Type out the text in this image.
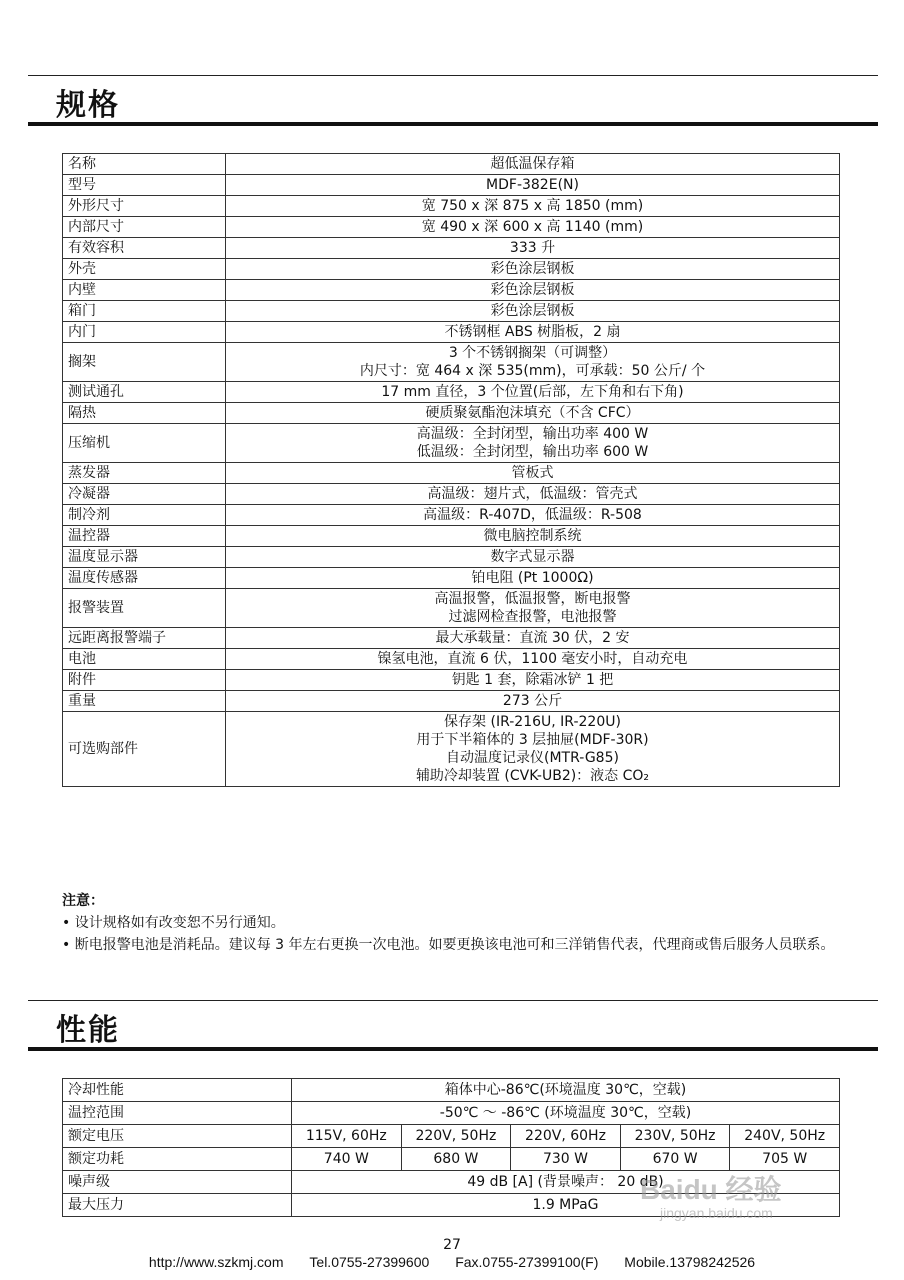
规格
名称	超低温保存箱

型号	MDF-382E(N)

外形尺寸	宽 750 x 深 875 x 高 1850 (mm)

内部尺寸	宽 490 x 深 600 x 高 1140 (mm)

有效容积	333 升

外壳	彩色涂层钢板

内壁	彩色涂层钢板

箱门	彩色涂层钢板

内门	不锈钢框 ABS 树脂板，2 扇

搁架	3 个不锈钢搁架（可调整）
内尺寸：宽 464 x 深 535(mm)，可承载：50 公斤/ 个

测试通孔	17 mm 直径，3 个位置(后部，左下角和右下角)

隔热	硬质聚氨酯泡沫填充（不含 CFC）

压缩机	高温级：全封闭型，输出功率 400 W
低温级：全封闭型，输出功率 600 W

蒸发器	管板式

冷凝器	高温级：翅片式，低温级：管壳式

制冷剂	高温级：R-407D，低温级：R-508

温控器	微电脑控制系统

温度显示器	数字式显示器

温度传感器	铂电阻 (Pt 1000Ω)

报警装置	高温报警，低温报警，断电报警
过滤网检查报警，电池报警

远距离报警端子	最大承载量：直流 30 伏，2 安

电池	镍氢电池，直流 6 伏，1100 毫安小时，自动充电

附件	钥匙 1 套，除霜冰铲 1 把

重量	273 公斤

可选购部件	保存架 (IR-216U, IR-220U)
用于下半箱体的 3 层抽屉(MDF-30R)
自动温度记录仪(MTR-G85)
辅助冷却装置 (CVK-UB2)：液态 CO₂
注意：
• 设计规格如有改变恕不另行通知。
• 断电报警电池是消耗品。建议每 3 年左右更换一次电池。如要更换该电池可和三洋销售代表，代理商或售后服务人员联系。
性能
冷却性能	箱体中心-86℃(环境温度 30℃，空载)				
温控范围	-50℃ ～ -86℃ (环境温度 30℃，空载)				
额定电压	115V, 60Hz	220V, 50Hz	220V, 60Hz	230V, 50Hz	240V, 50Hz
额定功耗	740 W	680 W	730 W	670 W	705 W
噪声级	49 dB [A] (背景噪声： 20 dB)				
最大压力	1.9 MPaG				Baidu 经验
jingyan.baidu.com
27
http://www.szkmj.com Tel.0755-27399600 Fax.0755-27399100(F) Mobile.13798242526
